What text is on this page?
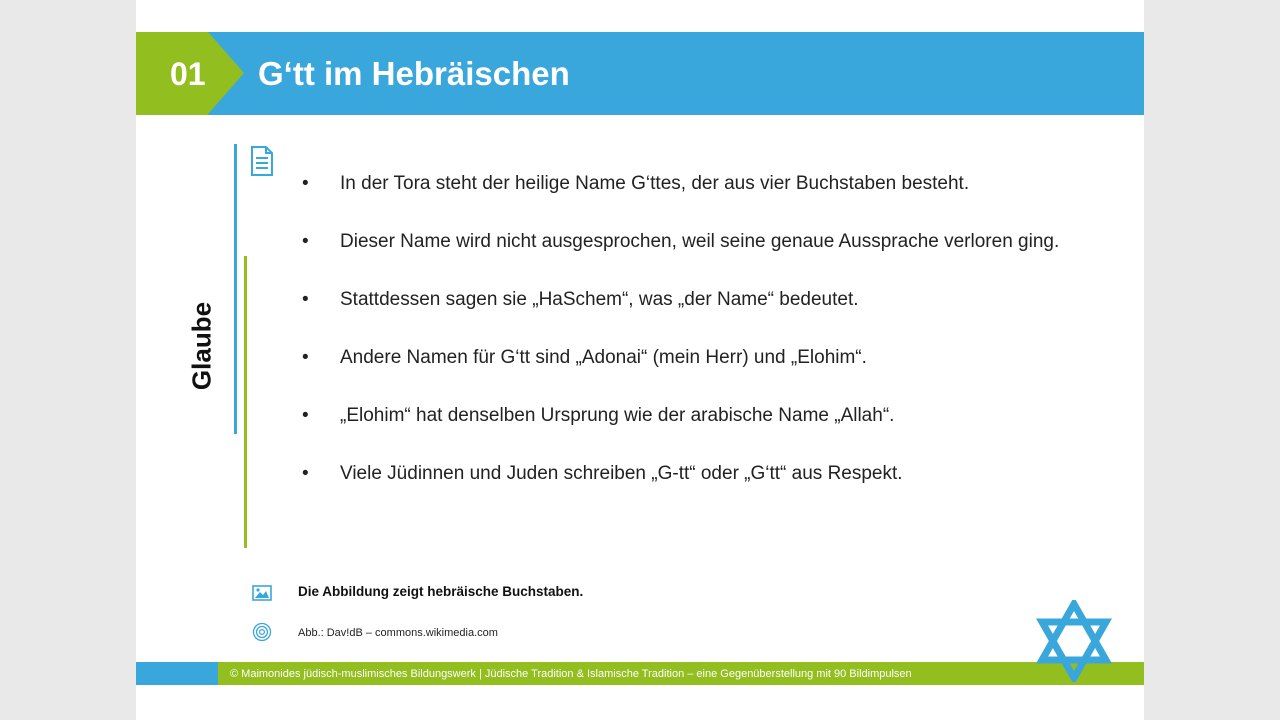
01 G‘tt im Hebräischen
Glaube
• In der Tora steht der heilige Name G‘ttes, der aus vier Buchstaben besteht.
• Dieser Name wird nicht ausgesprochen, weil seine genaue Aussprache verloren ging.
• Stattdessen sagen sie „HaSchem“, was „der Name“ bedeutet.
• Andere Namen für G‘tt sind „Adonai“ (mein Herr) und „Elohim“.
• „Elohim“ hat denselben Ursprung wie der arabische Name „Allah“.
• Viele Jüdinnen und Juden schreiben „G-tt“ oder „G‘tt“ aus Respekt.
Die Abbildung zeigt hebräische Buchstaben.
Abb.: Dav!dB – commons.wikimedia.com
© Maimonides jüdisch-muslimisches Bildungswerk | Jüdische Tradition & Islamische Tradition – eine Gegenüberstellung mit 90 Bildimpulsen
